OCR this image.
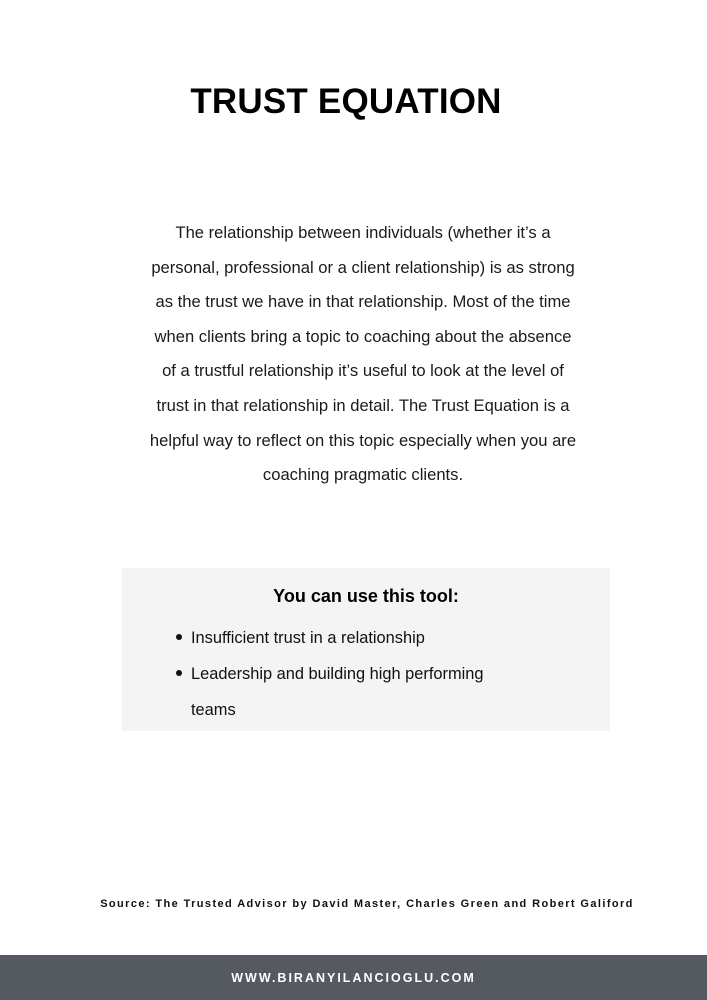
TRUST EQUATION
The relationship between individuals (whether it’s a
personal, professional or a client relationship) is as strong
as the trust we have in that relationship. Most of the time
when clients bring a topic to coaching about the absence
of a trustful relationship it’s useful to look at the level of
trust in that relationship in detail. The Trust Equation is a
helpful way to reflect on this topic especially when you are
coaching pragmatic clients.
You can use this tool:
Insufficient trust in a relationship
Leadership and building high performing
teams
Source: The Trusted Advisor by David Master, Charles Green and Robert Galiford
WWW.BIRANYILANCIOGLU.COM
